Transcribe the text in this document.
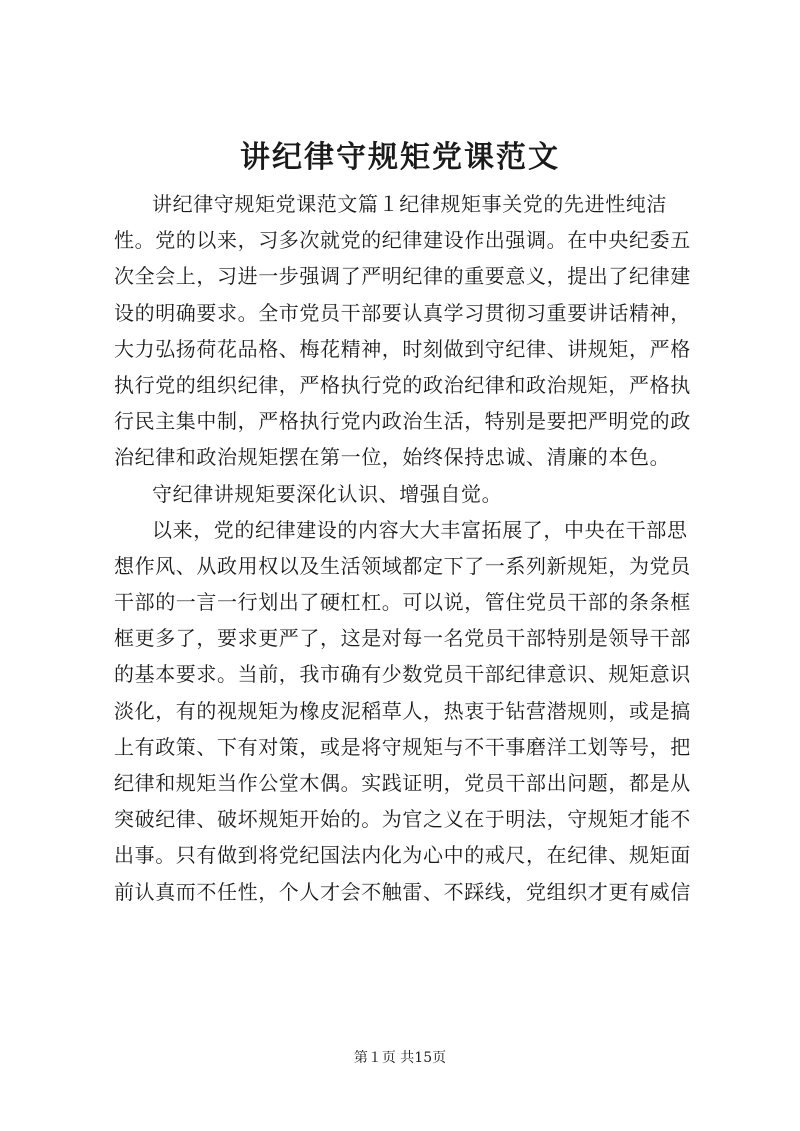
讲纪律守规矩党课范文
讲纪律守规矩党课范文篇１纪律规矩事关党的先进性纯洁
性。党的以来，习多次就党的纪律建设作出强调。在中央纪委五
次全会上，习进一步强调了严明纪律的重要意义，提出了纪律建
设的明确要求。全市党员干部要认真学习贯彻习重要讲话精神，
大力弘扬荷花品格、梅花精神，时刻做到守纪律、讲规矩，严格
执行党的组织纪律，严格执行党的政治纪律和政治规矩，严格执
行民主集中制，严格执行党内政治生活，特别是要把严明党的政
治纪律和政治规矩摆在第一位，始终保持忠诚、清廉的本色。
守纪律讲规矩要深化认识、增强自觉。
以来，党的纪律建设的内容大大丰富拓展了，中央在干部思
想作风、从政用权以及生活领域都定下了一系列新规矩，为党员
干部的一言一行划出了硬杠杠。可以说，管住党员干部的条条框
框更多了，要求更严了，这是对每一名党员干部特别是领导干部
的基本要求。当前，我市确有少数党员干部纪律意识、规矩意识
淡化，有的视规矩为橡皮泥稻草人，热衷于钻营潜规则，或是搞
上有政策、下有对策，或是将守规矩与不干事磨洋工划等号，把
纪律和规矩当作公堂木偶。实践证明，党员干部出问题，都是从
突破纪律、破坏规矩开始的。为官之义在于明法，守规矩才能不
出事。只有做到将党纪国法内化为心中的戒尺，在纪律、规矩面
前认真而不任性，个人才会不触雷、不踩线，党组织才更有威信
第１页 共15页
